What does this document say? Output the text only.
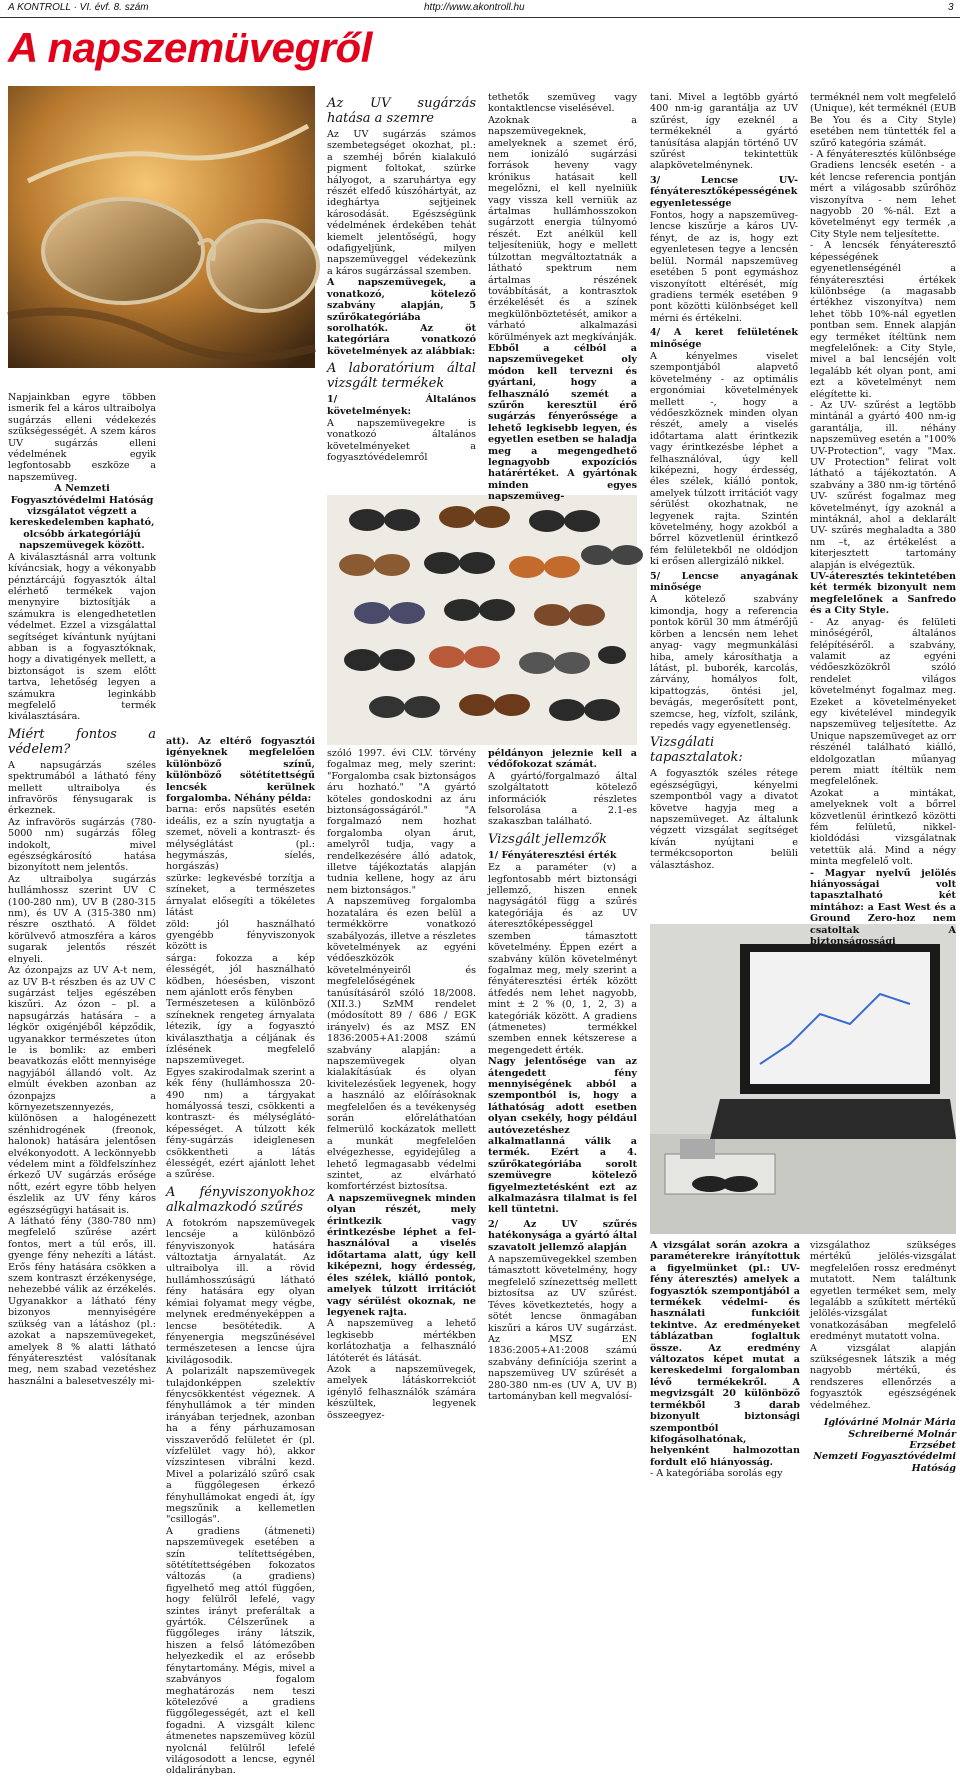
A KONTROLL · VI. évf. 8. szám	http://www.akontroll.hu	3
A napszemüvegről

Napjainkban egyre többen ismerik fel a káros ultraibolya sugárzás elleni védekezés szükségességét. A szem káros UV sugárzás elleni védelmének egyik legfontosabb eszköze a napszemüveg.

A Nemzeti Fogyasztóvédelmi Hatóság vizsgálatot végzett a kereskedelemben kapható, olcsóbb árkategóriájú napszemüvegek között.

A kiválasztásnál arra voltunk kíváncsiak, hogy a vékonyabb pénztárcájú fogyasztók által elérhető termékek vajon menynyire biztosítják a számukra is elengedhetetlen védelmet. Ezzel a vizsgálattal segítséget kívántunk nyújtani abban is a fogyasztóknak, hogy a divatigények mellett, a biztonságot is szem előtt tartva, lehetőség legyen a számukra leginkább megfelelő termék kiválasztására.

Miért fontos a védelem?

A napsugárzás széles spektrumából a látható fény mellett ultraibolya és infravörös fénysugarak is érkeznek.

Az infravörös sugárzás (780-5000 nm) sugárzás főleg indokolt, mivel egészségkárosító hatása bizonyított nem jelentős.

Az ultraibolya sugárzás hullámhossz szerint UV C (100-280 nm), UV B (280-315 nm), és UV A (315-380 nm) részre osztható. A földet körülvevő atmoszféra a káros sugarak jelentős részét elnyeli.

Az ózonpajzs az UV A-t nem, az UV B-t részben és az UV C sugárzást teljes egészében kiszűri. Az ózon – pl. a napsugárzás hatására – a légkör oxigénjéből képződik, ugyanakkor természetes úton le is bomlik: az emberi beavatkozás előtt mennyisége nagyjából állandó volt. Az elmúlt években azonban az ózonpajzs a környezetszennyezés, különösen a halogénezett szénhidrogének (freonok, halonok) hatására jelentősen elvékonyodott. A leckönnyebb védelem mint a földfelszínhez érkező UV sugárzás erősége nőtt, ezért egyre több helyen észlelik az UV fény káros egészségügyi hatásait is.

A látható fény (380-780 nm) megfelelő szűrése azért fontos, mert a túl erős, ill. gyenge fény nehezíti a látást. Erős fény hatására csökken a szem kontraszt érzékenysége, nehezebbé válik az érzékelés. Ugyanakkor a látható fény bizonyos mennyiségére szükség van a látáshoz (pl.: azokat a napszemüvegeket, amelyek 8 % alatti látható fényáteresztést valósítanak meg, nem szabad vezetéshez használni a balesetveszély mi-

att). Az eltérő fogyasztói igényeknek megfelelően különböző színű, különböző sötétítettségű lencsék kerülnek forgalomba. Néhány példa:

barna: erős napsütés esetén ideális, ez a szín nyugtatja a szemet, növeli a kontraszt- és mélységlátást (pl.: hegymászás, síelés, horgászás)

szürke: legkevésbé torzítja a színeket, a természetes árnyalat elősegíti a tökéletes látást

zöld: jól használható gyengébb fényviszonyok között is

sárga: fokozza a kép élességét, jól használható ködben, hóesésben, viszont nem ajánlott erős fényben

Természetesen a különböző színeknek rengeteg árnyalata létezik, így a fogyasztó kiválaszthatja a céljának és ízlésének megfelelő napszemüveget.

Egyes szakirodalmak szerint a kék fény (hullámhossza 20-490 nm) a tárgyakat homályossá teszi, csökkenti a kontraszt- és mélységlátó-képességet. A túlzott kék fény-sugárzás ideiglenesen csökkentheti a látás élességét, ezért ajánlott lehet a szűrése.

A fényviszonyokhoz alkalmazkodó szűrés

A fotokróm napszemüvegek lencséje a különböző fényviszonyok hatására változtatja árnyalatát. Az ultraibolya ill. a rövid hullámhosszúságú látható fény hatására egy olyan kémiai folyamat megy végbe, melynek eredményeképpen a lencse besötétedik. A fényenergia megszűnésével természetesen a lencse újra kivilágosodik.

A polarizált napszemüvegek tulajdonképpen szelektív fénycsökkentést végeznek. A fényhullámok a tér minden irányában terjednek, azonban ha a fény párhuzamosan visszaverődő felületet ér (pl. vízfelület vagy hó), akkor vízszintesen vibrálni kezd. Mivel a polarizáló szűrő csak a függőlegesen érkező fényhullámokat engedi át, így megszűnik a kellemetlen "csillogás".

A gradiens (átmeneti) napszemüvegek esetében a szín telítettségében, sötétítettségében fokozatos változás (a gradiens) figyelhető meg attól függően, hogy felülről lefelé, vagy szintes irányt preferáltak a gyártók. Célszerűnek a függőleges irány látszik, hiszen a felső látómezőben helyezkedik el az erősebb fénytartomány. Mégis, mivel a szabványos fogalom meghatározás nem teszi kötelezővé a gradiens függőlegességét, azt el kell fogadni. A vizsgált kilenc átmenetes napszemüveg közül nyolcnál felülről lefelé világosodott a lencse, egynél oldalirányban.

Az UV sugárzás hatása a szemre

Az UV sugárzás számos szembetegséget okozhat, pl.: a szemhéj bőrén kialakuló pigment foltokat, szürke hályogot, a szaruhártya egy részét elfedő kúszóhártyát, az ideghártya sejtjeinek károsodását. Egészségünk védelmének érdekében tehát kiemelt jelentőségű, hogy odafigyeljünk, milyen napszemüveggel védekezünk a káros sugárzással szemben.

A napszemüvegek, a vonatkozó, kötelező szabvány alapján, 5 szűrőkategóriába sorolhatók. Az öt kategóriára vonatkozó követelmények az alábbiak:

A laboratórium által vizsgált termékek
1/ Általános követelmények:

A napszemüvegekre is vonatkozó általános követelményeket a fogyasztóvédelemről

szóló 1997. évi CLV. törvény fogalmaz meg, mely szerint: "Forgalomba csak biztonságos áru hozható." "A gyártó köteles gondoskodni az áru biztonságosságáról." "A forgalmazó nem hozhat forgalomba olyan árut, amelyről tudja, vagy a rendelkezésére álló adatok, illetve tájékoztatás alapján tudnia kellene, hogy az áru nem biztonságos."

A napszemüveg forgalomba hozatalára és ezen belül a termékkörre vonatkozó szabályozás, illetve a részletes követelmények az egyéni védőeszközök követelményeiről és megfelelőségének tanúsításáról szóló 18/2008. (XII.3.) SzMM rendelet (módosított 89 / 686 / EGK irányelv) és az MSZ EN 1836:2005+A1:2008 számú szabvány alapján: a napszemüvegek olyan kialakításúak és olyan kivitelezésűek legyenek, hogy a használó az előírásoknak megfelelően és a tevékenység során előreláthatóan felmerülő kockázatok mellett a munkát megfelelően elvégezhesse, egyidejűleg a lehető legmagasabb védelmi szintet, az elvárható komfortérzést biztosítsa.

A napszemüvegnek minden olyan részét, mely érintkezik vagy érintkezésbe léphet a fel- használóval a viselés időtartama alatt, úgy kell kiképezni, hogy érdesség, éles szélek, kiálló pontok, amelyek túlzott irritációt vagy sérülést okoznak, ne legyenek rajta.

A napszemüveg a lehető legkisebb mértékben korlátozhatja a felhasználó látóterét és látását.

Azok a napszemüvegek, amelyek látáskorrekciót igénylő felhasználók számára készültek, legyenek összeegyez-

tethetők szemüveg vagy kontaktlencse viselésével.

Azoknak a napszemüvegeknek, amelyeknek a szemet érő, nem ionizáló sugárzási források heveny vagy krónikus hatásait kell megelőzni, el kell nyelniük vagy vissza kell verniük az ártalmas hullámhosszokon sugárzott energia túlnyomó részét. Ezt anélkül kell teljesíteniük, hogy e mellett túlzottan megváltoztatnák a látható spektrum nem ártalmas részének továbbítását, a kontrasztok érzékelését és a színek megkülönböztetését, amikor a várható alkalmazási körülmények azt megkívánják.

Ebből a célból a napszemüvegeket oly módon kell tervezni és gyártani, hogy a felhasználó szemét a szűrőn keresztül érő sugárzás fényerőssége a lehető legkisebb legyen, és egyetlen esetben se haladja meg a megengedhető legnagyobb expozíciós határértéket. A gyártónak minden egyes napszemüveg-

példányon jeleznie kell a védőfokozat számát.

A gyártó/forgalmazó által szolgáltatott kötelező információk részletes felsorolása a 2.1-es szakaszban található.

Vizsgált jellemzők
1/ Fényáteresztési érték

Ez a paraméter (v) a legfontosabb mért biztonsági jellemző, hiszen ennek nagyságától függ a szűrés kategóriája és az UV áteresztőképességgel szemben támasztott követelmény. Éppen ezért a szabvány külön követelményt fogalmaz meg, mely szerint a fényáteresztési érték között átfedés nem lehet nagyobb, mint ± 2 % (0, 1, 2, 3) a kategóriák között. A gradiens (átmenetes) termékkel szemben ennek kétszerese a megengedett érték.

Nagy jelentősége van az átengedett fény mennyiségének abból a szempontból is, hogy a láthatóság adott esetben olyan csekély, hogy például autóvezetéshez alkalmatlanná válik a termék. Ezért a 4. szűrőkategóriába sorolt szemüvegre kötelező figyelmeztetésként ezt az alkalmazásra tilalmat is fel kell tüntetni.

2/ Az UV szűrés hatékonysága a gyártó által szavatolt jellemző alapján

A napszemüvegekkel szemben támasztott követelmény, hogy megfelelő színezettség mellett biztosítsa az UV szűrést. Téves következtetés, hogy a sötét lencse önmagában kiszűri a káros UV sugárzást. Az MSZ EN 1836:2005+A1:2008 számú szabvány definíciója szerint a napszemüveg UV szűrését a 280-380 nm-es (UV A, UV B) tartományban kell megvalósí-

tani. Mivel a legtöbb gyártó 400 nm-ig garantálja az UV szűrést, így ezeknél a termékeknél a gyártó tanúsítása alapján történő UV szűrést tekintettük alapkövetelménynek.

3/ Lencse UV-fényáteresztőképességének egyenletessége

Fontos, hogy a napszemüveg-lencse kiszűrje a káros UV-fényt, de az is, hogy ezt egyenletesen tegye a lencsén belül. Normál napszemüveg esetében 5 pont egymáshoz viszonyított eltérését, míg gradiens termék esetében 9 pont közötti különbséget kell mérni és értékelni.

4/ A keret felületének minősége

A kényelmes viselet szempontjából alapvető követelmény - az optimális ergonómiai követelmények mellett -, hogy a védőeszköznek minden olyan részét, amely a viselés időtartama alatt érintkezik vagy érintkezésbe léphet a felhasználóval, úgy kell kiképezni, hogy érdesség, éles szélek, kiálló pontok, amelyek túlzott irritációt vagy sérülést okozhatnak, ne legyenek rajta. Szintén követelmény, hogy azokból a bőrrel közvetlenül érintkező fém felületekből ne oldódjon ki erősen allergizáló nikkel.

5/ Lencse anyagának minősége

A kötelező szabvány kimondja, hogy a referencia pontok körül 30 mm átmérőjű körben a lencsén nem lehet anyag- vagy megmunkálási hiba, amely károsíthatja a látást, pl. buborék, karcolás, zárvány, homályos folt, kipattogzás, öntési jel, bevágás, megerősített pont, szemcse, heg, vízfolt, szilánk, repedés vagy egyenetlenség.

Vizsgálati tapasztalatok:

A fogyasztók széles rétege egészségügyi, kényelmi szempontból vagy a divatot követve hagyja meg a napszemüveget. Az általunk végzett vizsgálat segítséget kíván nyújtani e termékcsoporton belüli választáshoz.

A vizsgálat során azokra a paraméterekre irányítottuk a figyelmünket (pl.: UV-fény áteresztés) amelyek a fogyasztók szempontjából a termékek védelmi- és használati funkcióit tekintve. Az eredményeket táblázatban foglaltuk össze. Az eredmény változatos képet mutat a kereskedelmi forgalomban lévő termékekről. A megvizsgált 20 különböző termékből 3 darab bizonyult biztonsági szempontból kifogásolhatónak, helyenként halmozottan fordult elő hiányosság.

- A kategóriába sorolás egy

terméknél nem volt megfelelő (Unique), két terméknél (EUB Be You és a City Style) esetében nem tüntették fel a szűrő kategória számát.

- A fényáteresztés különbsége Gradiens lencsék esetén - a két lencse referencia pontján mért a világosabb szűrőhöz viszonyítva - nem lehet nagyobb 20 %-nál. Ezt a követelményt egy termék ,a City Style nem teljesítette.

- A lencsék fényáteresztő képességének egyenetlenségénél a fényáteresztési értékek különbsége (a magasabb értékhez viszonyítva) nem lehet több 10%-nál egyetlen pontban sem. Ennek alapján egy terméket ítéltünk nem megfelelőnek: a City Style, mivel a bal lencséjén volt legalább két olyan pont, ami ezt a követelményt nem elégítette ki.

- Az UV- szűrést a legtöbb mintánál a gyártó 400 nm-ig garantálja, ill. néhány napszemüveg esetén a "100% UV-Protection", vagy "Max. UV Protection" felirat volt látható a tájékoztatón. A szabvány a 380 nm-ig történő UV- szűrést fogalmaz meg követelményt, így azoknál a mintáknál, ahol a deklarált UV- szűrés meghaladta a 380 nm –t, az értékelést a kiterjesztett tartomány alapján is elvégeztük.

UV-áteresztés tekintetében két termék bizonyult nem megfelelőnek a Sanfredo és a City Style.

- Az anyag- és felületi minőségéről, általános felépítéséről. a szabvány, valamit az egyéni védőeszközökről szóló rendelet világos követelményt fogalmaz meg. Ezeket a követelményeket egy kivételével mindegyik napszemüveg teljesítette. Az Unique napszemüveget az orr részénél található kiálló, eldolgozatlan műanyag perem miatt ítéltük nem megfelelőnek.

Azokat a mintákat, amelyeknek volt a bőrrel közvetlenül érintkező közötti fém felületű, nikkel- kioldódási vizsgálatnak vetettük alá. Mind a négy minta megfelelő volt.

- Magyar nyelvű jelölés hiányosságai volt tapasztalható két mintához: a East West és a Ground Zero-hoz nem csatoltak A biztonságossági

vizsgálathoz szükséges mértékű jelölés-vizsgálat megfelelően rossz eredményt mutatott. Nem találtunk egyetlen terméket sem, mely legalább a szűkített mértékű jelölés-vizsgálat vonatkozásában megfelelő eredményt mutatott volna.

A vizsgálat alapján szükségesnek látszik a még nagyobb mértékű, és rendszeres ellenőrzés a fogyasztók egészségének védelméhez.

Iglóváriné Molnár Mária

Schreiberné Molnár Erzsébet

Nemzeti Fogyasztóvédelmi Hatóság
